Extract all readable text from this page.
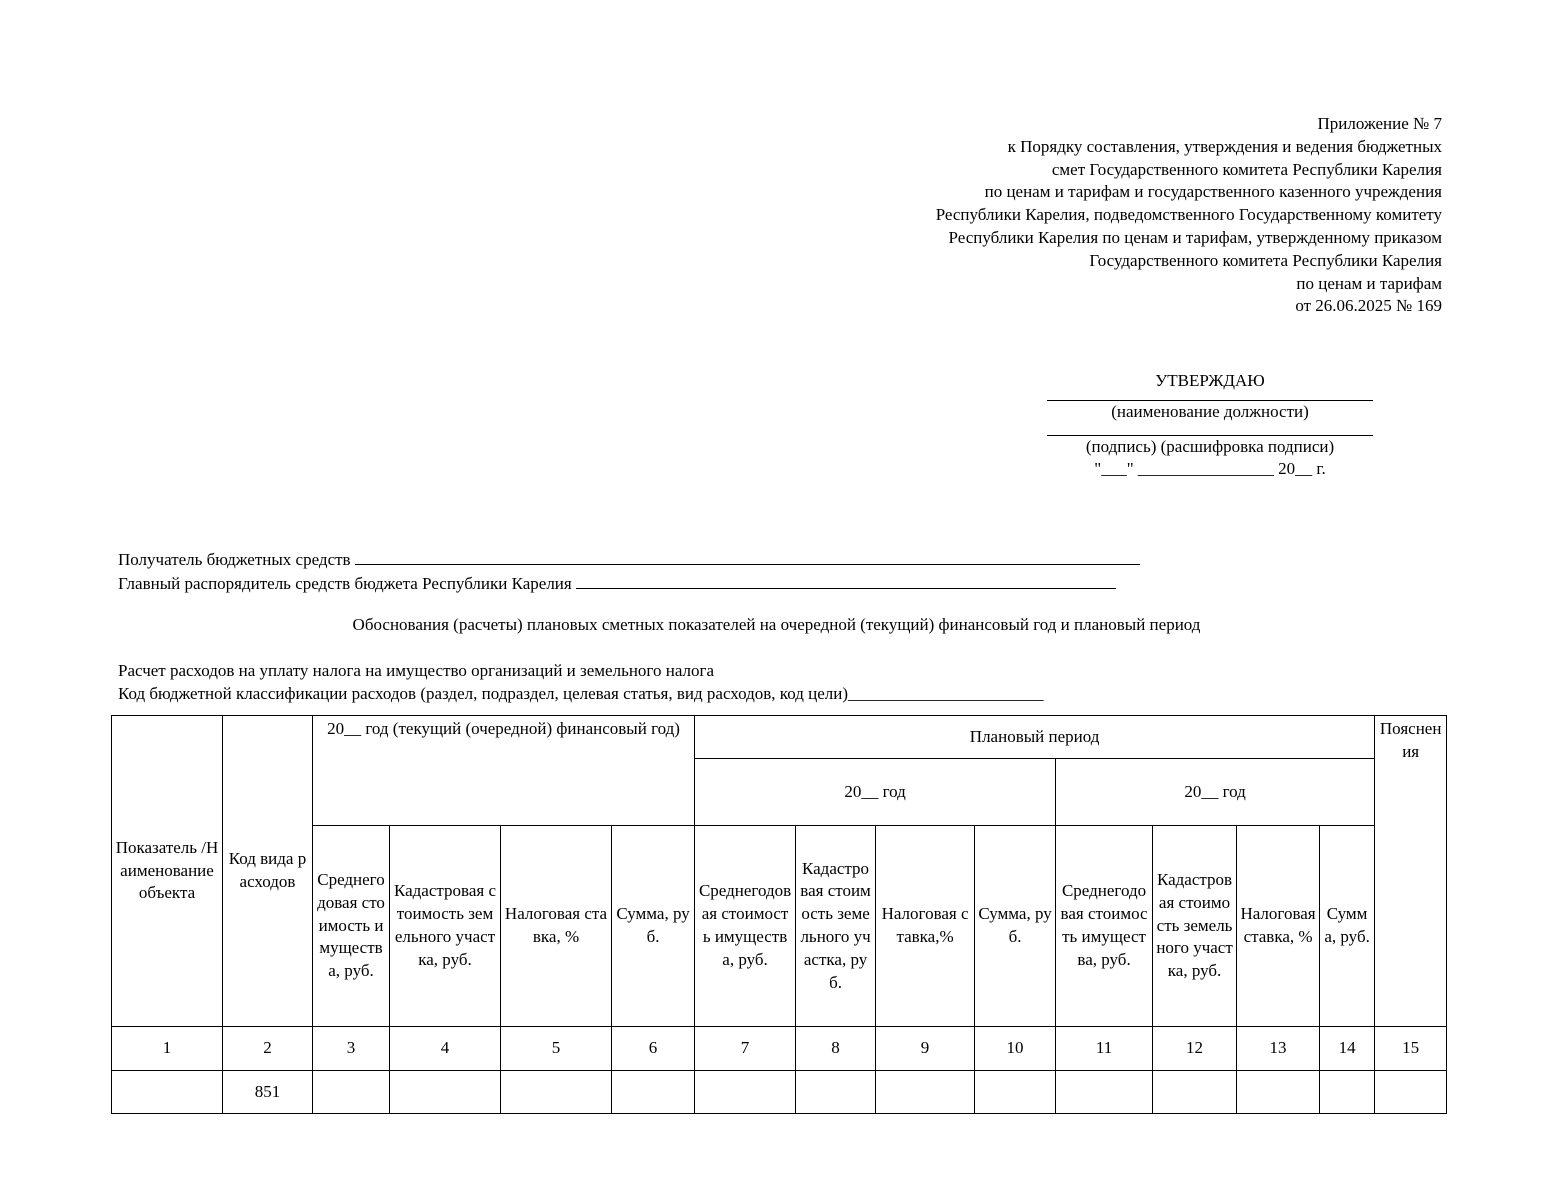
Приложение № 7
к Порядку составления, утверждения и ведения бюджетных
смет Государственного комитета Республики Карелия
по ценам и тарифам и государственного казенного учреждения
Республики Карелия, подведомственного Государственному комитету
Республики Карелия по ценам и тарифам, утвержденному приказом
Государственного комитета Республики Карелия
по ценам и тарифам
от 26.06.2025 № 169
УТВЕРЖДАЮ
(наименование должности)
(подпись) (расшифровка подписи)
"___" ________________ 20__ г.
Получатель бюджетных средств
Главный распорядитель средств бюджета Республики Карелия
Обоснования (расчеты) плановых сметных показателей на очередной (текущий) финансовый год и плановый период
Расчет расходов на уплату налога на имущество организаций и земельного налога
Код бюджетной классификации расходов (раздел, подраздел, целевая статья, вид расходов, код цели)_______________________
Показатель /Наименование объекта	Код вида расходов	20__ год (текущий (очередной) финансовый год)				Плановый период								Пояснения
						20__ год				20__ год				
		Среднегодовая стоимость имущества, руб.	Кадастровая стоимость земельного участка, руб.	Налоговая ставка, %	Сумма, руб.	Среднегодовая стоимость имущества, руб.	Кадастровая стоимость земельного участка, руб.	Налоговая ставка,%	Сумма, руб.	Среднегодовая стоимость имущества, руб.	Кадастровая стоимость земельного участка, руб.	Налоговая ставка, %	Сумма, руб.	
1	2	3	4	5	6	7	8	9	10	11	12	13	14	15
	851													
